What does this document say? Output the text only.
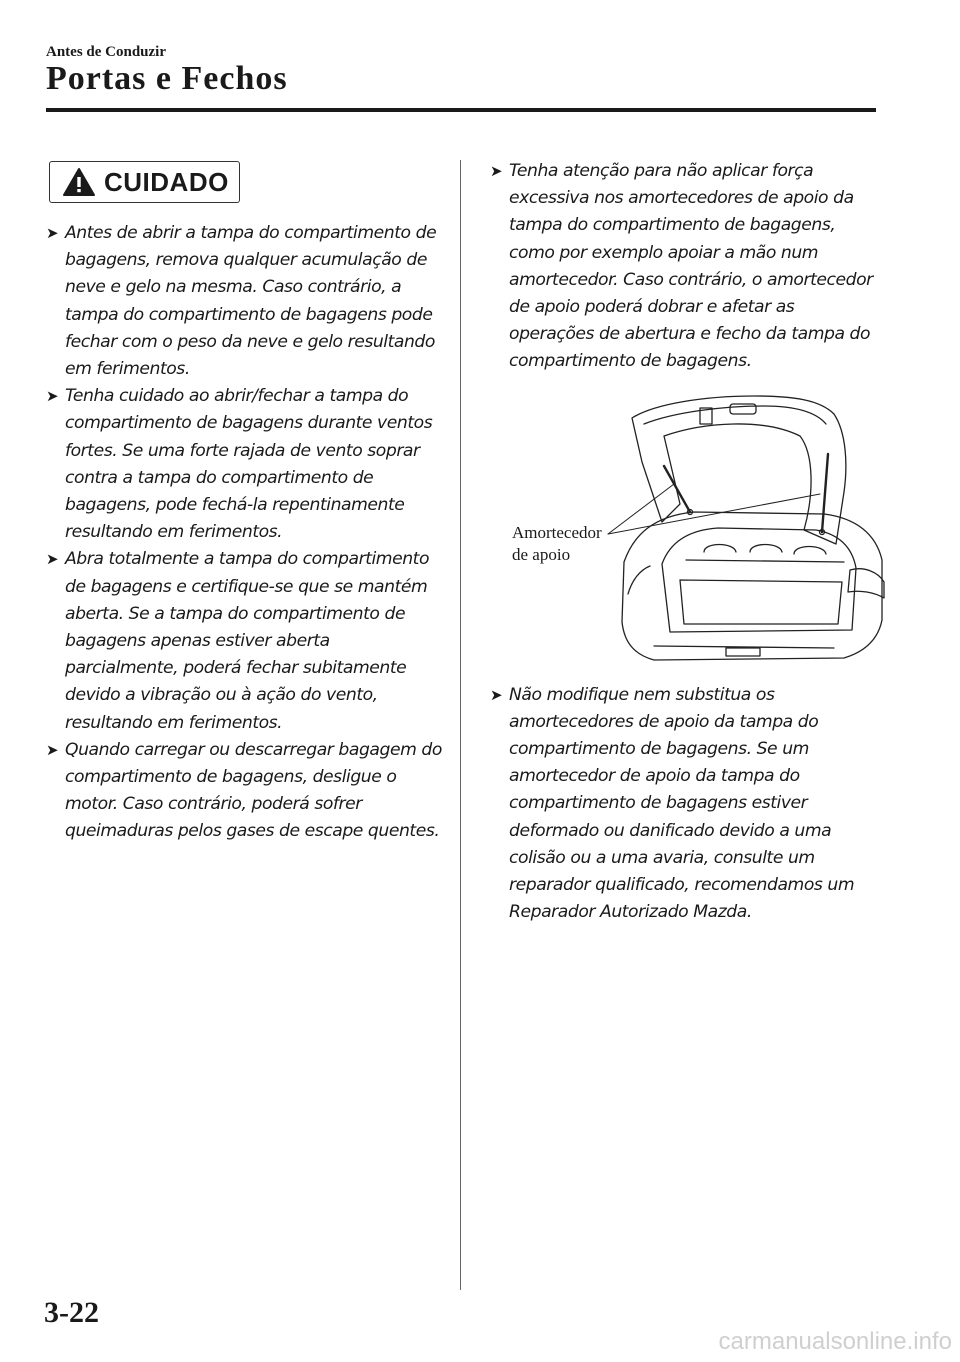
Antes de Conduzir
Portas e Fechos
CUIDADO
➤ Antes de abrir a tampa do compartimento de bagagens, remova qualquer acumulação de neve e gelo na mesma. Caso contrário, a tampa do compartimento de bagagens pode fechar com o peso da neve e gelo resultando em ferimentos.
➤ Tenha cuidado ao abrir/fechar a tampa do compartimento de bagagens durante ventos fortes. Se uma forte rajada de vento soprar contra a tampa do compartimento de bagagens, pode fechá-la repentinamente resultando em ferimentos.
➤ Abra totalmente a tampa do compartimento de bagagens e certifique-se que se mantém aberta. Se a tampa do compartimento de bagagens apenas estiver aberta parcialmente, poderá fechar subitamente devido a vibração ou à ação do vento, resultando em ferimentos.
➤ Quando carregar ou descarregar bagagem do compartimento de bagagens, desligue o motor. Caso contrário, poderá sofrer queimaduras pelos gases de escape quentes.
➤ Tenha atenção para não aplicar força excessiva nos amortecedores de apoio da tampa do compartimento de bagagens, como por exemplo apoiar a mão num amortecedor. Caso contrário, o amortecedor de apoio poderá dobrar e afetar as operações de abertura e fecho da tampa do compartimento de bagagens.
Amortecedor
de apoio
➤ Não modifique nem substitua os amortecedores de apoio da tampa do compartimento de bagagens. Se um amortecedor de apoio da tampa do compartimento de bagagens estiver deformado ou danificado devido a uma colisão ou a uma avaria, consulte um reparador qualificado, recomendamos um Reparador Autorizado Mazda.
3-22
carmanualsonline.info
